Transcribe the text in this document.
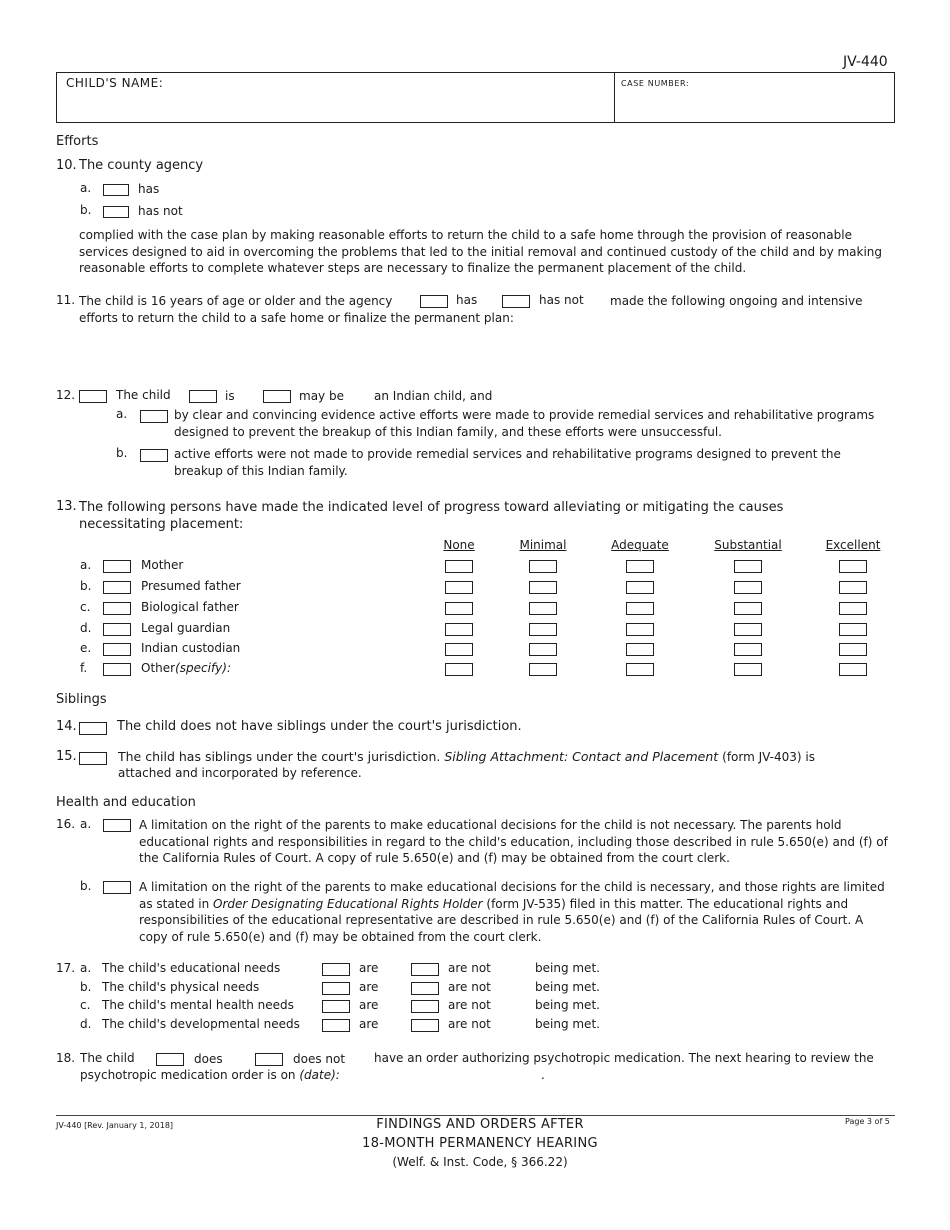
JV-440
CHILD'S NAME:	CASE NUMBER:
Efforts
10. The county agency
a.	has
b.	has not
complied with the case plan by making reasonable efforts to return the child to a safe home through the provision of reasonable services designed to aid in overcoming the problems that led to the initial removal and continued custody of the child and by making reasonable efforts to complete whatever steps are necessary to finalize the permanent placement of the child.
11. The child is 16 years of age or older and the agency	has	has not made the following ongoing and intensive
efforts to return the child to a safe home or finalize the permanent plan:
12.	The child	is	may be	an Indian child, and
a.	by clear and convincing evidence active efforts were made to provide remedial services and rehabilitative programs designed to prevent the breakup of this Indian family, and these efforts were unsuccessful.
b.	active efforts were not made to provide remedial services and rehabilitative programs designed to prevent the breakup of this Indian family.
13. The following persons have made the indicated level of progress toward alleviating or mitigating the causes necessitating placement:
None	Minimal	Adequate	Substantial	Excellent
a.	Mother
b.	Presumed father
c.	Biological father
d.	Legal guardian
e.	Indian custodian
f.	Other(specify):
Siblings
14.	The child does not have siblings under the court's jurisdiction.
15.	The child has siblings under the court's jurisdiction. Sibling Attachment: Contact and Placement (form JV-403) is
attached and incorporated by reference.
Health and education
16. a.	A limitation on the right of the parents to make educational decisions for the child is not necessary. The parents hold educational rights and responsibilities in regard to the child's education, including those described in rule 5.650(e) and (f) of the California Rules of Court. A copy of rule 5.650(e) and (f) may be obtained from the court clerk.
b.	A limitation on the right of the parents to make educational decisions for the child is necessary, and those rights are limited as stated in Order Designating Educational Rights Holder (form JV-535) filed in this matter. The educational rights and responsibilities of the educational representative are described in rule 5.650(e) and (f) of the California Rules of Court. A copy of rule 5.650(e) and (f) may be obtained from the court clerk.
17. a. The child's educational needs	are	are not	being met.
b. The child's physical needs	are	are not	being met.
c. The child's mental health needs	are	are not	being met.
d. The child's developmental needs	are	are not	being met.
18. The child	does	does not have an order authorizing psychotropic medication. The next hearing to review the
psychotropic medication order is on (date):	.
JV-440 [Rev. January 1, 2018]	FINDINGS AND ORDERS AFTER
18-MONTH PERMANENCY HEARING
(Welf. & Inst. Code, § 366.22)
Page 3 of 5
